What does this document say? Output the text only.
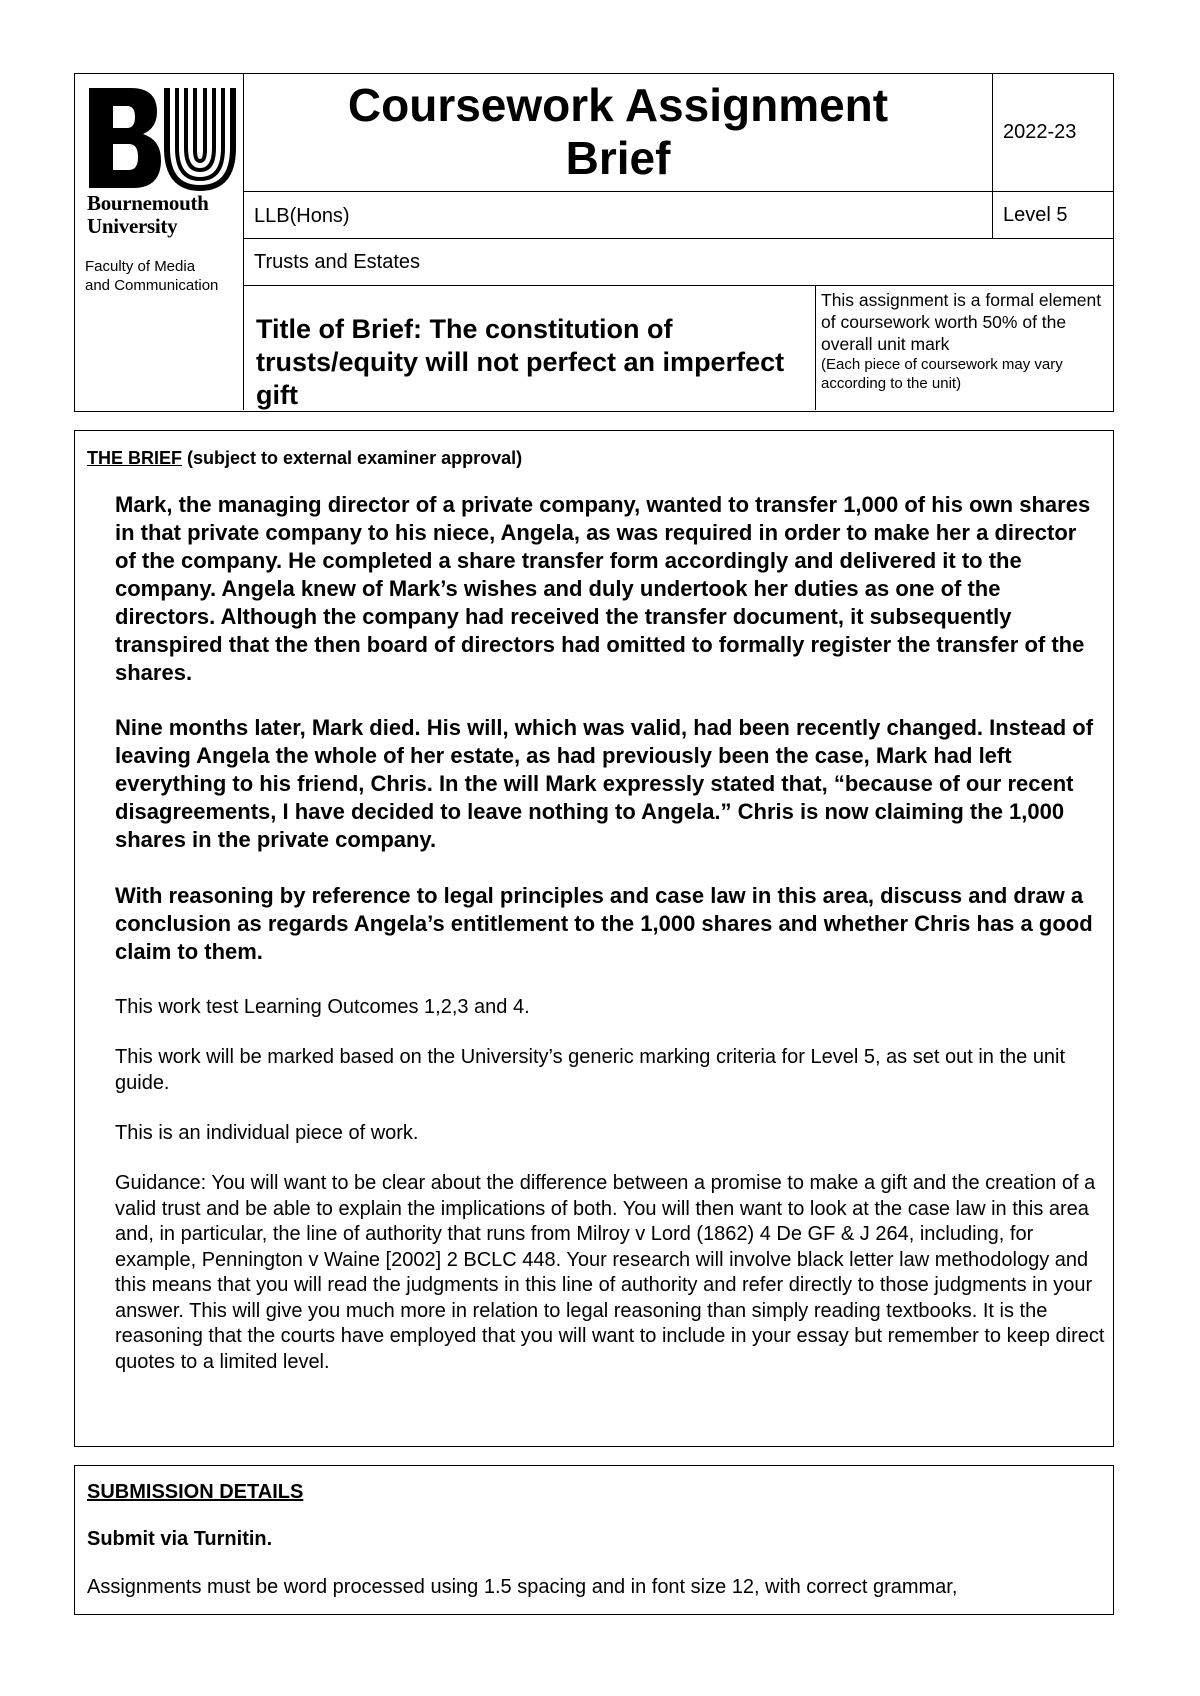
Bournemouth
University
Faculty of Media
and Communication
Coursework Assignment
Brief	2022-23
LLB(Hons)	Level 5
Trusts and Estates
Title of Brief: The constitution of trusts/equity will not perfect an imperfect gift
This assignment is a formal element of coursework worth 50% of the overall unit mark
(Each piece of coursework may vary according to the unit)
THE BRIEF (subject to external examiner approval)

Mark, the managing director of a private company, wanted to transfer 1,000 of his own shares in that private company to his niece, Angela, as was required in order to make her a director of the company. He completed a share transfer form accordingly and delivered it to the company. Angela knew of Mark’s wishes and duly undertook her duties as one of the directors. Although the company had received the transfer document, it subsequently transpired that the then board of directors had omitted to formally register the transfer of the shares.

Nine months later, Mark died. His will, which was valid, had been recently changed. Instead of leaving Angela the whole of her estate, as had previously been the case, Mark had left everything to his friend, Chris. In the will Mark expressly stated that, “because of our recent disagreements, I have decided to leave nothing to Angela.” Chris is now claiming the 1,000 shares in the private company.

With reasoning by reference to legal principles and case law in this area, discuss and draw a conclusion as regards Angela’s entitlement to the 1,000 shares and whether Chris has a good claim to them.

This work test Learning Outcomes 1,2,3 and 4.

This work will be marked based on the University’s generic marking criteria for Level 5, as set out in the unit guide.

This is an individual piece of work.

Guidance: You will want to be clear about the difference between a promise to make a gift and the creation of a valid trust and be able to explain the implications of both. You will then want to look at the case law in this area and, in particular, the line of authority that runs from Milroy v Lord (1862) 4 De GF & J 264, including, for example, Pennington v Waine [2002] 2 BCLC 448. Your research will involve black letter law methodology and this means that you will read the judgments in this line of authority and refer directly to those judgments in your answer. This will give you much more in relation to legal reasoning than simply reading textbooks. It is the reasoning that the courts have employed that you will want to include in your essay but remember to keep direct quotes to a limited level.

SUBMISSION DETAILS
Submit via Turnitin.
Assignments must be word processed using 1.5 spacing and in font size 12, with correct grammar,
